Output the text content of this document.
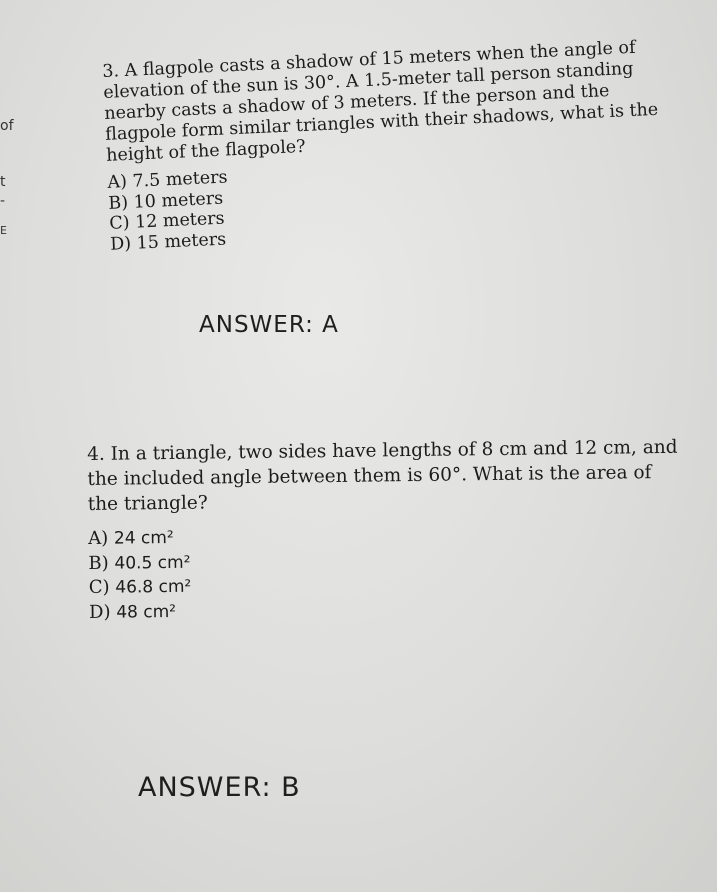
of
t
‑
E

3. A flagpole casts a shadow of 15 meters when the angle of elevation of the sun is 30°. A 1.5-meter tall person standing nearby casts a shadow of 3 meters. If the person and the flagpole form similar triangles with their shadows, what is the height of the flagpole?

A) 7.5 meters

B) 10 meters

C) 12 meters

D) 15 meters

ANSWER: A

4. In a triangle, two sides have lengths of 8 cm and 12 cm, and the included angle between them is 60°. What is the area of the triangle?

A) 24 cm²

B) 40.5 cm²

C) 46.8 cm²

D) 48 cm²

ANSWER: B
